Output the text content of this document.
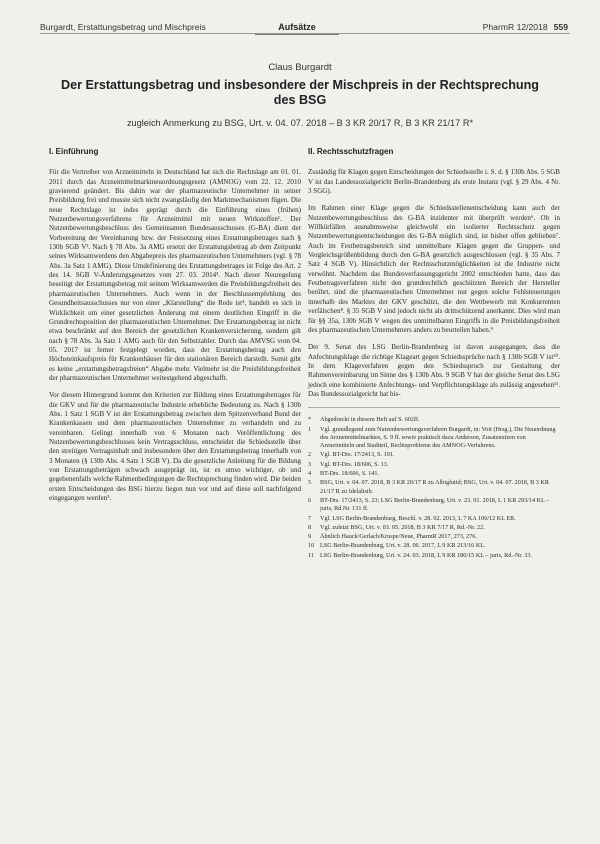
Burgardt, Erstattungsbetrag und Mischpreis	Aufsätze	PharmR 12/2018 559
Claus Burgardt
Der Erstattungsbetrag und insbesondere der Mischpreis in der Rechtsprechung des BSG
zugleich Anmerkung zu BSG, Urt. v. 04. 07. 2018 – B 3 KR 20/17 R, B 3 KR 21/17 R*
I. Einführung

Für die Vertreiber von Arzneimitteln in Deutschland hat sich die Rechtslage am 01. 01. 2011 durch das Arzneimittelmarktneuordnungsgesetz (AMNOG) vom 22. 12. 2010 gravierend geändert. Bis dahin war der pharmazeutische Unternehmer in seiner Preisbildung frei und musste sich nicht zwangsläufig den Marktmechanismen fügen. Die neue Rechtslage ist indes geprägt durch die Einführung eines (frühen) Nutzenbewertungsverfahrens für Arzneimittel mit neuen Wirkstoffen¹. Der Nutzenbewertungsbeschluss des Gemeinsamen Bundesausschusses (G-BA) dient der Vorbereitung der Vereinbarung bzw. der Festsetzung eines Erstattungsbetrages nach § 130b SGB V². Nach § 78 Abs. 3a AMG ersetzt der Erstattungsbetrag ab dem Zeitpunkt seines Wirksamwerdens den Abgabepreis des pharmazeutischen Unternehmers (vgl. § 78 Abs. 3a Satz 1 AMG). Diese Umdefinierung des Erstattungsbetrages ist Folge des Art. 2 des 14. SGB V-Änderungsgesetzes vom 27. 03. 2014³. Nach dieser Neuregelung beseitigt der Erstattungsbetrag mit seinem Wirksamwerden die Preisbildungsfreiheit des pharmazeutischen Unternehmers. Auch wenn in der Beschlussempfehlung des Gesundheitsausschusses nur von einer „Klarstellung“ die Rede ist⁴, handelt es sich in Wirklichkeit um einer gesetzlichen Änderung mit einem deutlichen Eingriff in die Grundrechtsposition der pharmazeutischen Unternehmer. Der Erstattungsbetrag ist nicht etwa beschränkt auf den Bereich der gesetzlichen Krankenversicherung, sondern gilt nach § 78 Abs. 3a Satz 1 AMG auch für den Selbstzahler. Durch das AMVSG vom 04. 05. 2017 ist ferner festgelegt worden, dass der Erstattungsbetrag auch den Höchsteinkaufspreis für Krankenhäuser für den stationären Bereich darstellt. Somit gibt es keine „erstattungsbetragsfreien“ Abgabe mehr. Vielmehr ist die Preisbildungsfreiheit der pharmazeutischen Unternehmer weitestgehend abgeschafft.

Vor diesem Hintergrund kommt den Kriterien zur Bildung eines Erstattungsbetrages für die GKV und für die pharmazeutische Industrie erhebliche Bedeutung zu. Nach § 130b Abs. 1 Satz 1 SGB V ist der Erstattungsbetrag zwischen dem Spitzenverband Bund der Krankenkassen und dem pharmazeutischen Unternehmer zu verhandeln und zu vereinbaren. Gelingt innerhalb von 6 Monaten nach Veröffentlichung des Nutzenbewertungsbeschlusses kein Vertragsschluss, entscheidet die Schiedsstelle über den streitigen Vertragsinhalt und insbesondere über den Erstattungsbetrag innerhalb von 3 Monaten (§ 130b Abs. 4 Satz 1 SGB V). Da die gesetzliche Anleitung für die Bildung von Erstattungsbeträgen schwach ausgeprägt ist, ist es umso wichtiger, ob und gegebenenfalls welche Rahmenbedingungen die Rechtsprechung finden wird. Die beiden ersten Entscheidungen des BSG hierzu liegen nun vor und auf diese soll nachfolgend eingegangen werden⁵.

II. Rechtsschutzfragen

Zuständig für Klagen gegen Entscheidungen der Schiedsstelle i. S. d. § 130b Abs. 5 SGB V ist das Landessozialgericht Berlin-Brandenburg als erste Instanz (vgl. § 29 Abs. 4 Nr. 3 SGG).

Im Rahmen einer Klage gegen die Schiedsstellenentscheidung kann auch der Nutzenbewertungsbeschluss des G-BA inzidenter mit überprüft werden⁶. Ob in Willkürfällen ausnahmsweise gleichwohl ein isolierter Rechtsschutz gegen Nutzenbewertungsentscheidungen des G-BA möglich sind, ist bisher offen geblieben⁷. Auch im Festbetragsbereich sind unmittelbare Klagen gegen die Gruppen- und Vergleichsgrößenbildung durch den G-BA gesetzlich ausgeschlossen (vgl. § 35 Abs. 7 Satz 4 SGB V). Hinsichtlich der Rechtsschutzmöglichkeiten ist die Industrie nicht verwöhnt. Nachdem das Bundesverfassungsgericht 2002 entschieden hatte, dass das Festbetragsverfahren nicht den grundrechtlich geschützten Bereich der Hersteller berührt, sind die pharmazeutischen Unternehmer nur gegen solche Fehlsteuerungen innerhalb des Marktes der GKV geschützt, die den Wettbewerb mit Konkurrenten verfälschen⁸. § 35 SGB V sind jedoch nicht als drittschützend anerkannt. Dies wird man für §§ 35a, 130b SGB V wegen des unmittelbaren Eingriffs in die Preisbildungsfreiheit des pharmazeutischen Unternehmers anders zu beurteilen haben.⁹

Der 9. Senat des LSG Berlin-Brandenburg ist davon ausgegangen, dass die Anfechtungsklage die richtige Klageart gegen Schiedssprüche nach § 130b SGB V ist¹⁰. In dem Klageverfahren gegen den Schiedsspruch zur Gestaltung der Rahmenvereinbarung im Sinne des § 130b Abs. 9 SGB V hat der gleiche Senat des LSG jedoch eine kombinierte Anfechtungs- und Verpflichtungsklage als zulässig angesehen¹¹. Das Bundessozialgericht hat bis-

*	Abgedruckt in diesem Heft auf S. 602ff.
1	Vgl. grundlegend zum Nutzenbewertungsverfahren Burgardt, in: Voit (Hrsg.), Die Neuordnung des Arzneimittelmarktes, S. 9 ff. sowie praktisch dazu Anderson, Zusatznutzen von Arzneimitteln und Stadtteil, Rechtsprobleme des AMNOG-Verfahrens.
2	Vgl. BT-Drs. 17/2413, S. 191.
3	Vgl. BT-Drs. 18/606, S. 13.
4	BT-Drs. 18/606, S. 141.
5	BSG, Urt. v. 04. 07. 2018, B 3 KR 20/17 R zu Albiglutid; BSG, Urt. v. 04. 07. 2018, B 3 KR 21/17 R zu Idelalisib.
6	BT-Drs. 17/2413, S. 23; LSG Berlin-Brandenburg, Urt. v. 23. 01. 2018, L 1 KR 293/14 KL – juris, Rd.Nr. 131 ff.
7	Vgl. LSG Berlin-Brandenburg, Beschl. v. 28. 02. 2013, L 7 KA 106/12 KL ER.
8	Vgl. zuletzt BSG, Urt. v. 03. 05. 2018, B 3 KR 7/17 R, Rd.-Nr. 22.
9	Ähnlich Hauck/Gerlach/Kruspe/Neue, PharmR 2017, 273, 276.
10 LSG Berlin-Brandenburg, Urt. v. 28. 06. 2017, L 9 KR 213/16 KL.
11 LSG Berlin-Brandenburg, Urt. v. 24. 03. 2018, L 9 KR 180/15 KL – juris, Rd.-Nr. 33.
